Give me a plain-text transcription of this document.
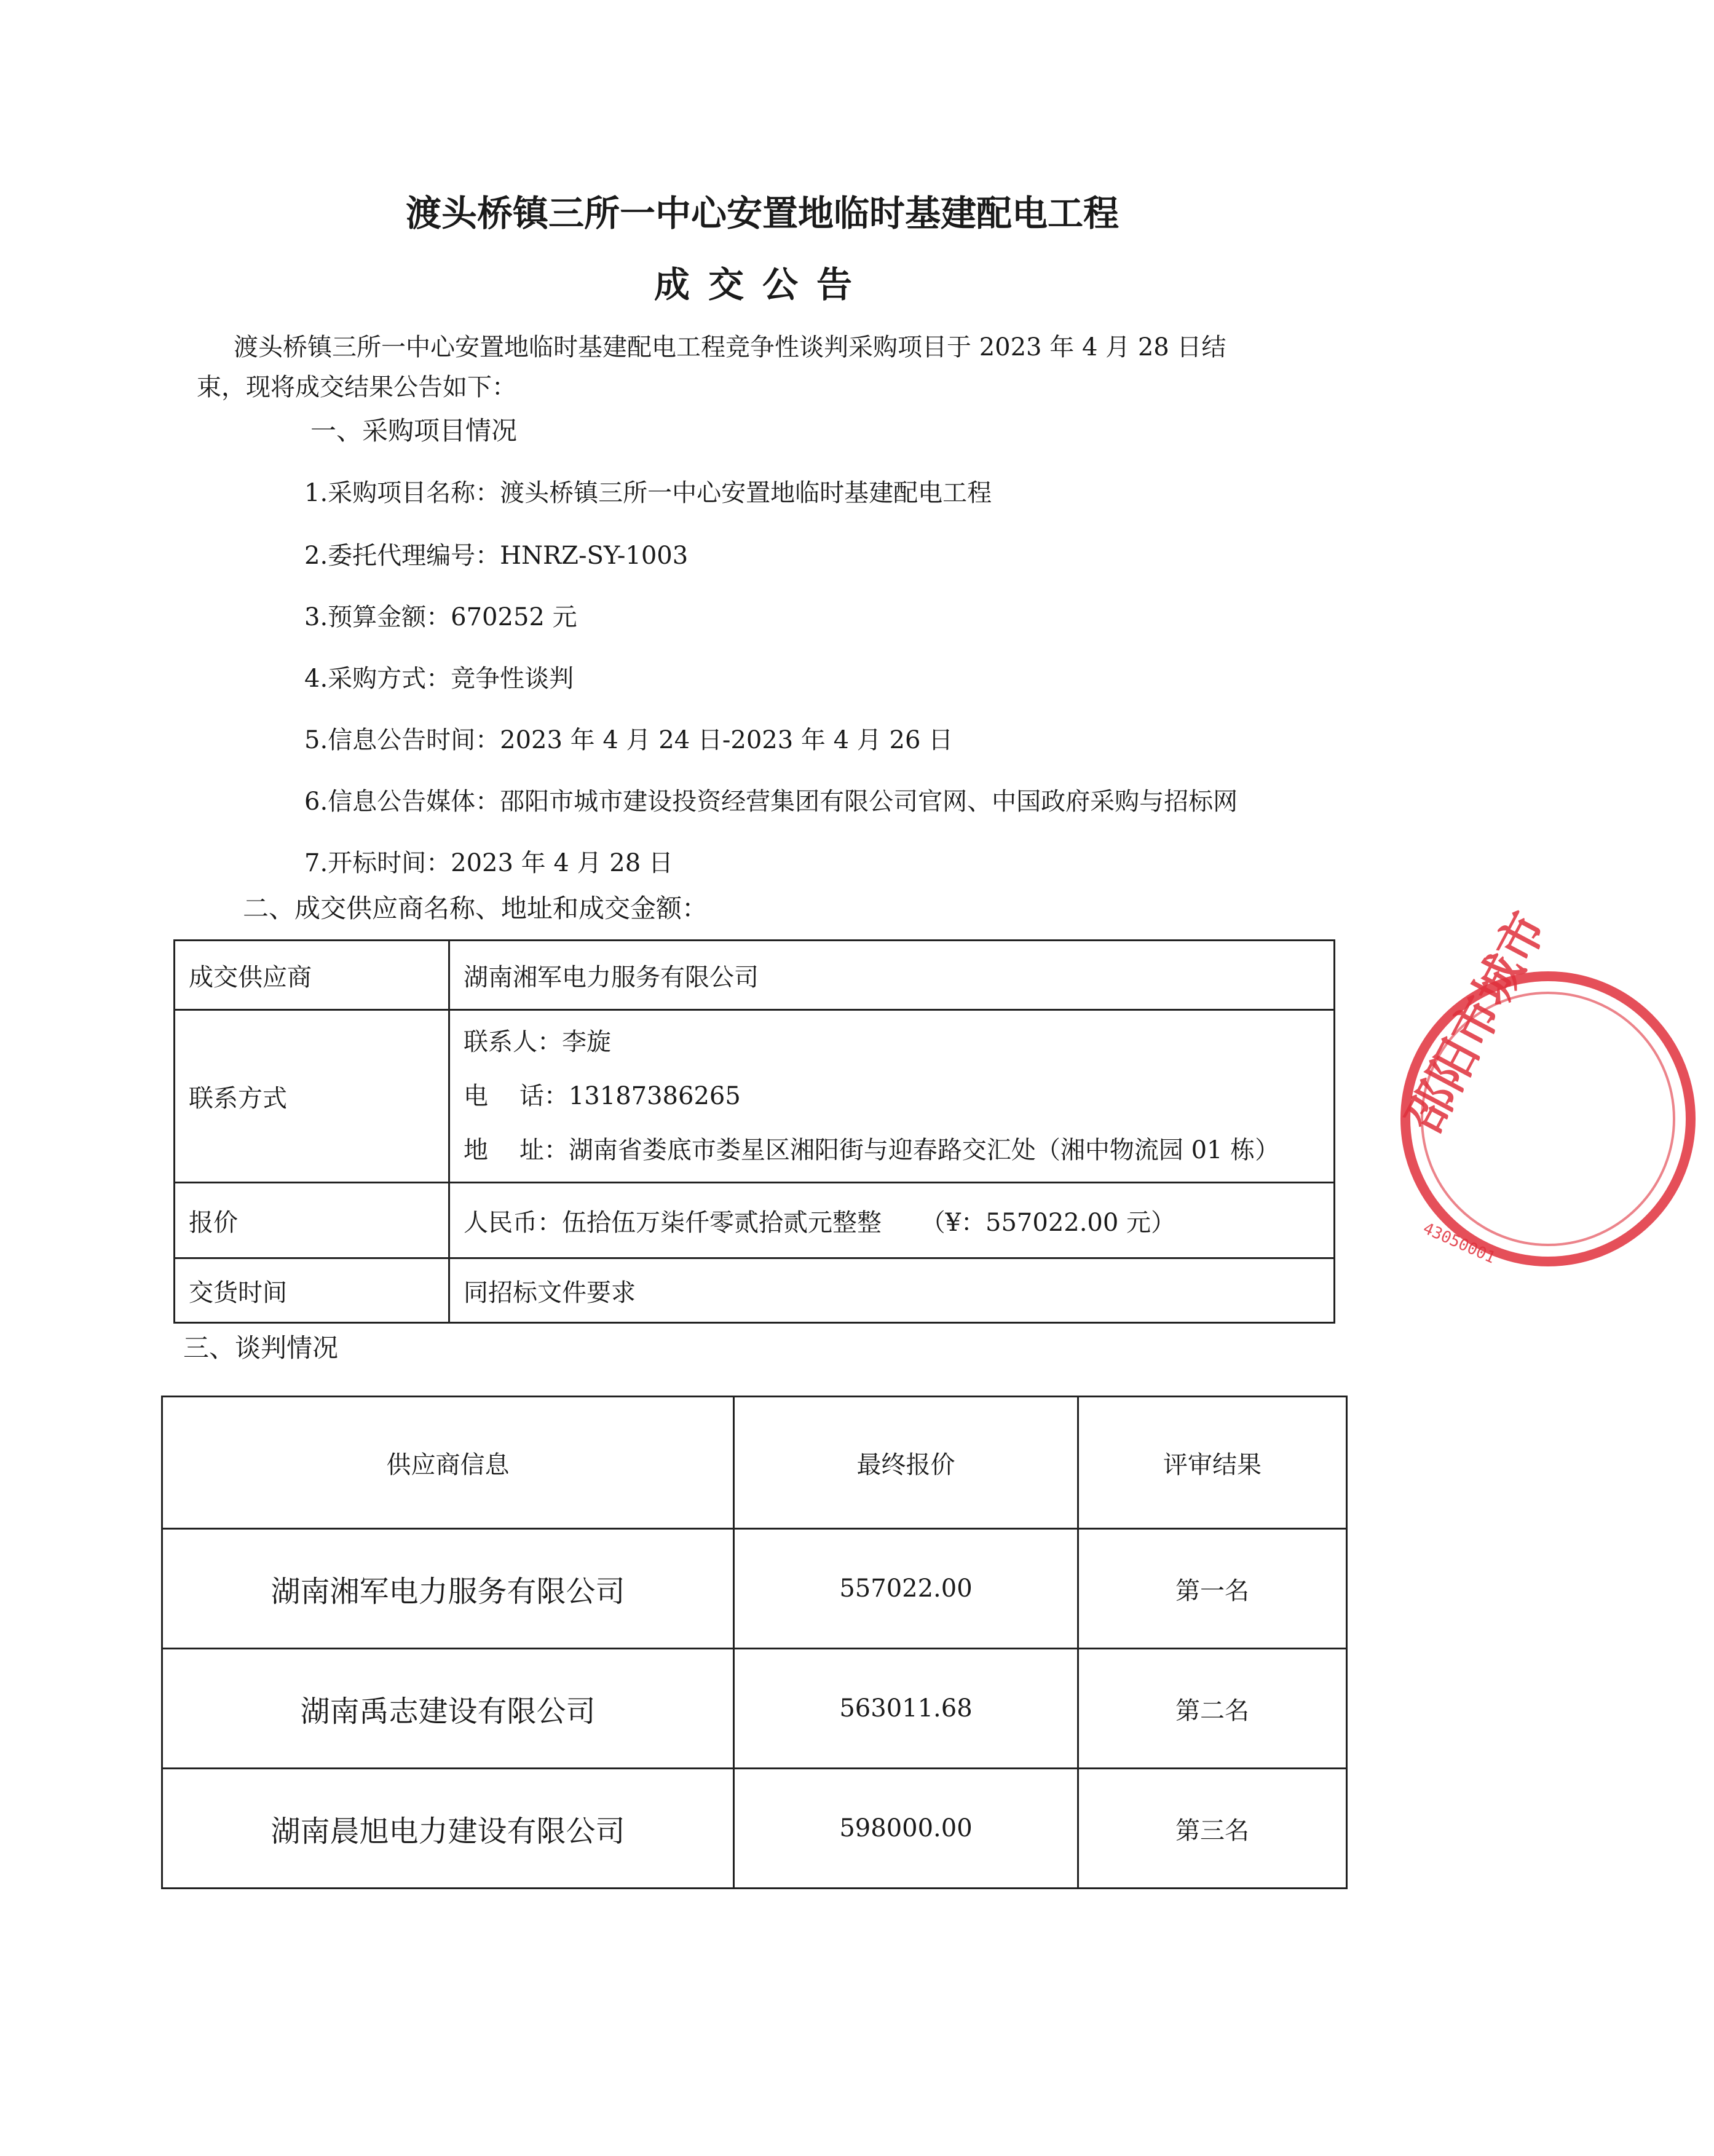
渡头桥镇三所一中心安置地临时基建配电工程
成交公告
渡头桥镇三所一中心安置地临时基建配电工程竞争性谈判采购项目于 2023 年 4 月 28 日结
束，现将成交结果公告如下：
一、采购项目情况
1.采购项目名称：渡头桥镇三所一中心安置地临时基建配电工程
2.委托代理编号：HNRZ-SY-1003
3.预算金额：670252 元
4.采购方式：竞争性谈判
5.信息公告时间：2023 年 4 月 24 日-2023 年 4 月 26 日
6.信息公告媒体：邵阳市城市建设投资经营集团有限公司官网、中国政府采购与招标网
7.开标时间：2023 年 4 月 28 日
二、成交供应商名称、地址和成交金额：
成交供应商	湖南湘军电力服务有限公司
联系方式	联系人：李旋
电    话：13187386265
地    址：湖南省娄底市娄星区湘阳街与迎春路交汇处（湘中物流园 01 栋）

报价	人民币：伍拾伍万柒仟零贰拾贰元整整     （¥：557022.00 元）
交货时间	同招标文件要求
三、谈判情况
供应商信息	最终报价	评审结果
湖南湘军电力服务有限公司	557022.00	第一名
湖南禹志建设有限公司	563011.68	第二名
湖南晨旭电力建设有限公司	598000.00	第三名
邵阳市城市
43050001
